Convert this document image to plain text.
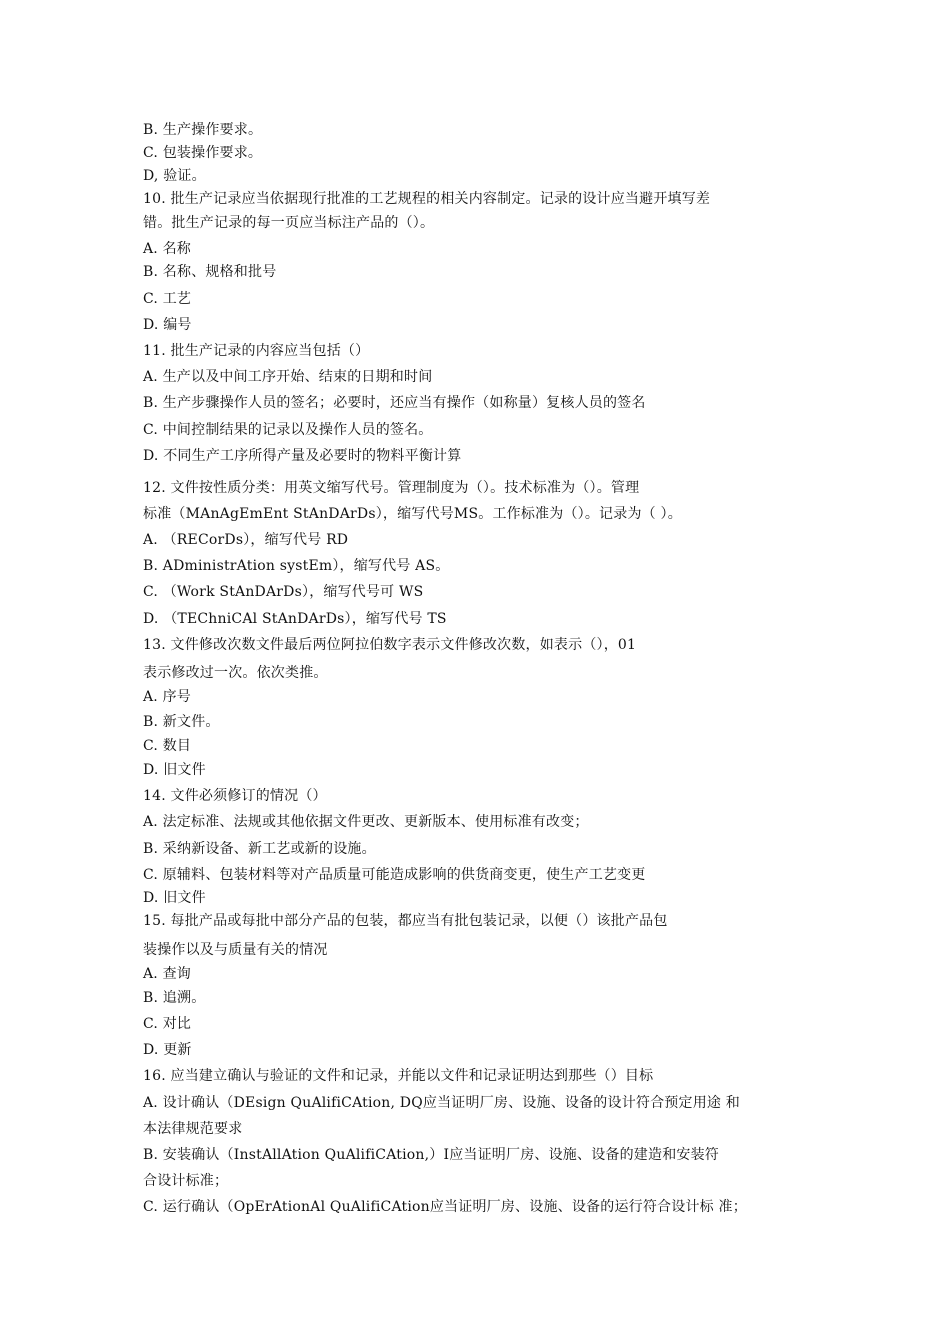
B. 生产操作要求。
C. 包装操作要求。
D, 验证。
10. 批生产记录应当依据现行批准的工艺规程的相关内容制定。记录的设计应当避开填写差
错。批生产记录的每一页应当标注产品的（）。
A. 名称
B. 名称、规格和批号
C. 工艺
D. 编号
11. 批生产记录的内容应当包括（）
A. 生产以及中间工序开始、结束的日期和时间
B. 生产步骤操作人员的签名；必要时，还应当有操作（如称量）复核人员的签名
C. 中间控制结果的记录以及操作人员的签名。
D. 不同生产工序所得产量及必要时的物料平衡计算
12. 文件按性质分类：用英文缩写代号。管理制度为（）。技术标准为（）。管理
标准（MAnAgEmEnt StAnDArDs），缩写代号MS。工作标准为（）。记录为（ ）。
A. （RECorDs），缩写代号 RD
B. ADministrAtion systEm），缩写代号 AS。
C. （Work StAnDArDs），缩写代号可 WS
D. （TEChniCAl StAnDArDs），缩写代号 TS
13. 文件修改次数文件最后两位阿拉伯数字表示文件修改次数，如表示（），01
表示修改过一次。依次类推。
A. 序号
B. 新文件。
C. 数目
D. 旧文件
14. 文件必须修订的情况（）
A. 法定标准、法规或其他依据文件更改、更新版本、使用标准有改变；
B. 采纳新设备、新工艺或新的设施。
C. 原辅料、包装材料等对产品质量可能造成影响的供货商变更，使生产工艺变更
D. 旧文件
15. 每批产品或每批中部分产品的包装，都应当有批包装记录，以便（）该批产品包
装操作以及与质量有关的情况
A. 查询
B. 追溯。
C. 对比
D. 更新
16. 应当建立确认与验证的文件和记录，并能以文件和记录证明达到那些（）目标
A. 设计确认（DEsign QuAlifiCAtion, DQ应当证明厂房、设施、设备的设计符合预定用途 和
本法律规范要求
B. 安装确认（InstAllAtion QuAlifiCAtion,）I应当证明厂房、设施、设备的建造和安装符
合设计标准；
C. 运行确认（OpErAtionAl QuAlifiCAtion应当证明厂房、设施、设备的运行符合设计标 准；
